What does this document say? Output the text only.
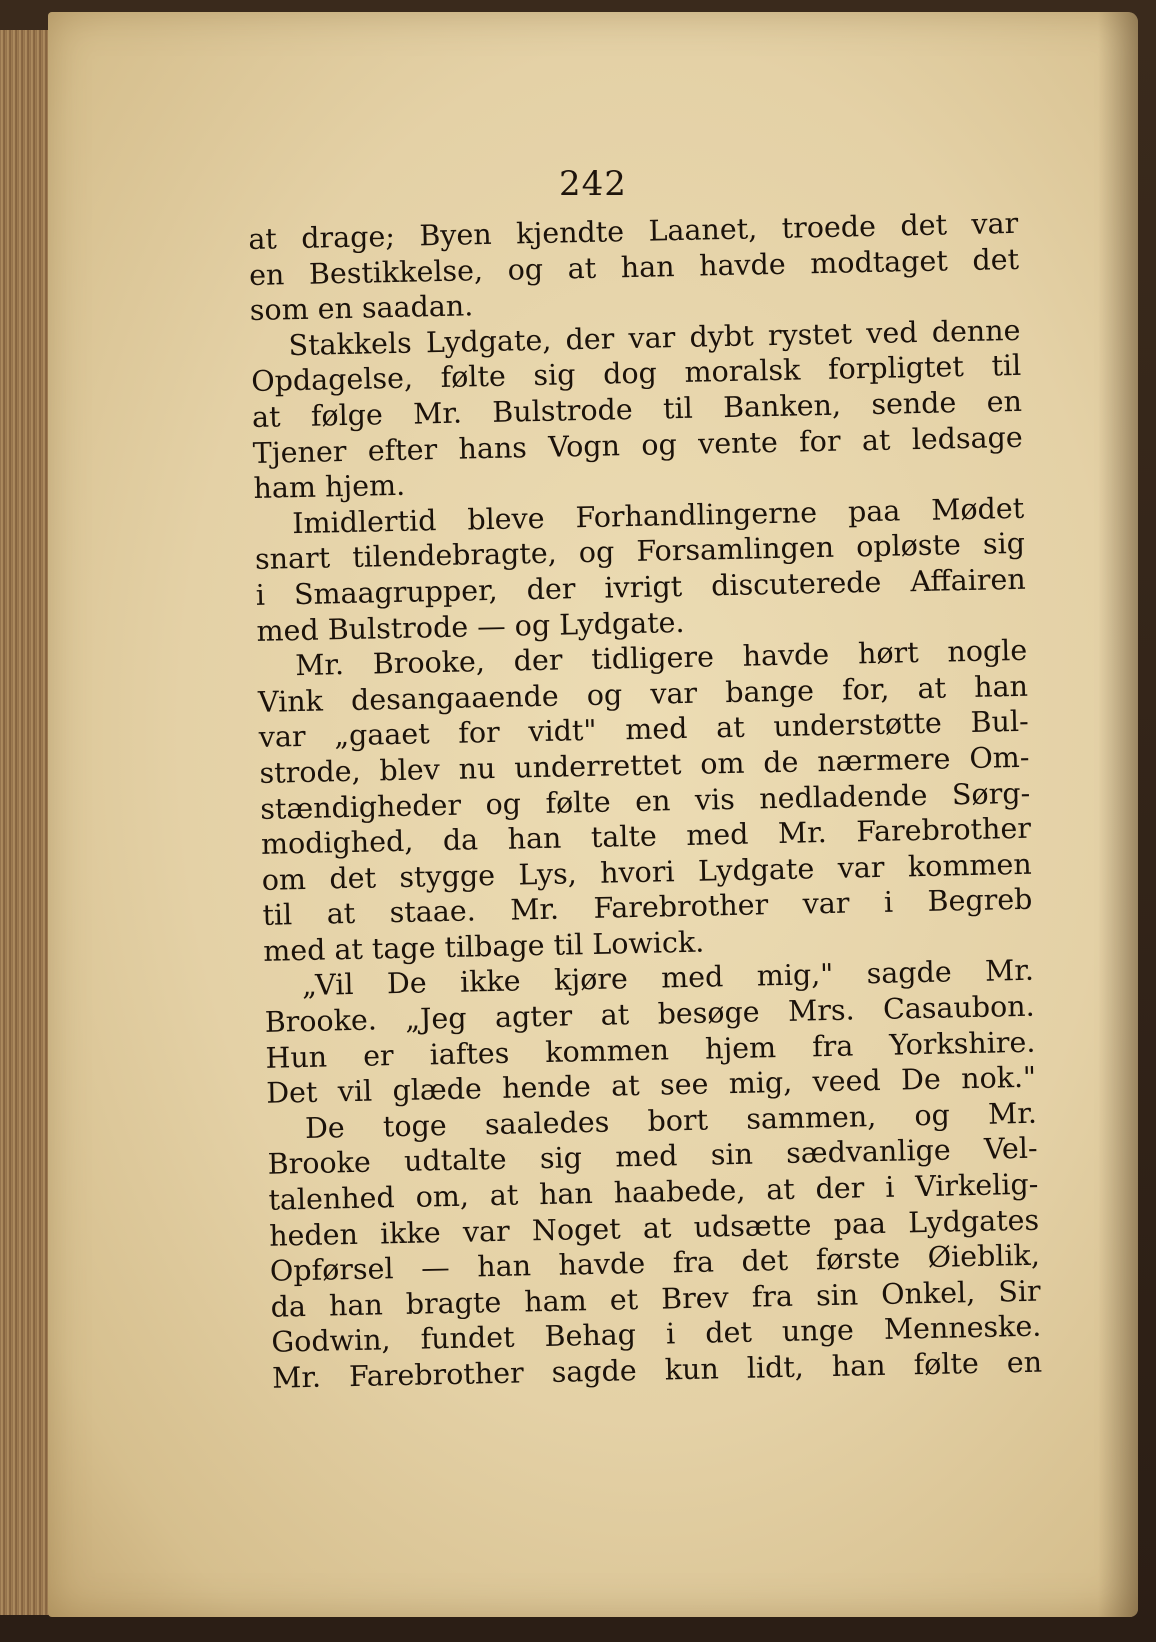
242
at drage; Byen kjendte Laanet, troede det var
en Bestikkelse, og at han havde modtaget det
som en saadan.
Stakkels Lydgate, der var dybt rystet ved denne
Opdagelse, følte sig dog moralsk forpligtet til
at følge Mr. Bulstrode til Banken, sende en
Tjener efter hans Vogn og vente for at ledsage
ham hjem.
Imidlertid bleve Forhandlingerne paa Mødet
snart tilendebragte, og Forsamlingen opløste sig
i Smaagrupper, der ivrigt discuterede Affairen
med Bulstrode — og Lydgate.
Mr. Brooke, der tidligere havde hørt nogle
Vink desangaaende og var bange for, at han
var „gaaet for vidt" med at understøtte Bul-
strode, blev nu underrettet om de nærmere Om-
stændigheder og følte en vis nedladende Sørg-
modighed, da han talte med Mr. Farebrother
om det stygge Lys, hvori Lydgate var kommen
til at staae. Mr. Farebrother var i Begreb
med at tage tilbage til Lowick.
„Vil De ikke kjøre med mig," sagde Mr.
Brooke. „Jeg agter at besøge Mrs. Casaubon.
Hun er iaftes kommen hjem fra Yorkshire.
Det vil glæde hende at see mig, veed De nok."
De toge saaledes bort sammen, og Mr.
Brooke udtalte sig med sin sædvanlige Vel-
talenhed om, at han haabede, at der i Virkelig-
heden ikke var Noget at udsætte paa Lydgates
Opførsel — han havde fra det første Øieblik,
da han bragte ham et Brev fra sin Onkel, Sir
Godwin, fundet Behag i det unge Menneske.
Mr. Farebrother sagde kun lidt, han følte en
